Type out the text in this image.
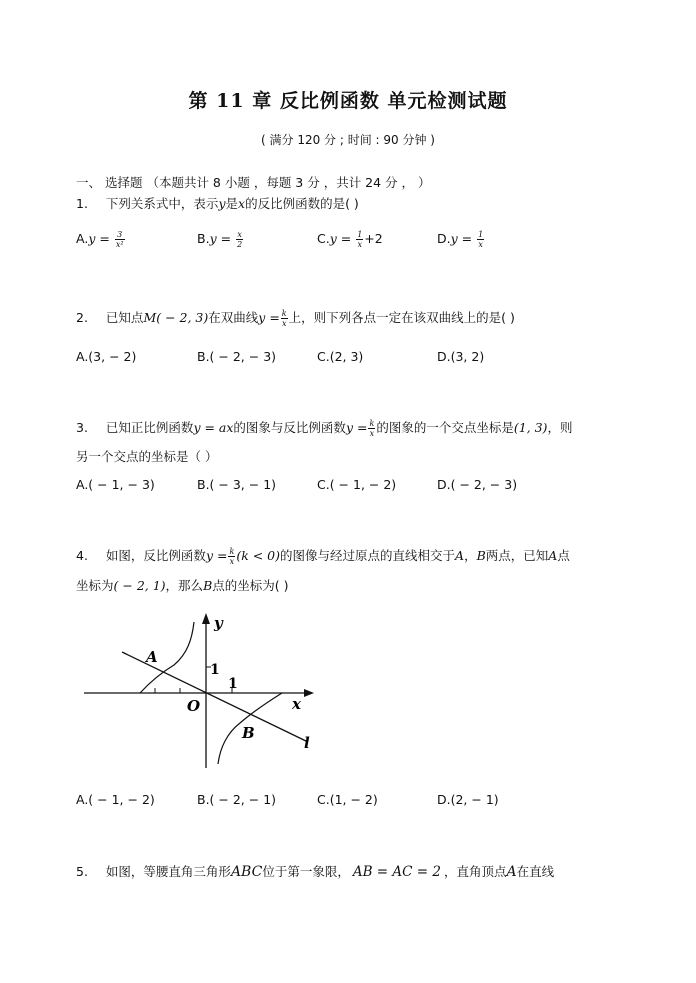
第 11 章 反比例函数 单元检测试题
( 满分 120 分 ; 时间 : 90 分钟 )
一、 选择题 （本题共计 8 小题 ，每题 3 分 ，共计 24 分 ， ）
1. 下列关系式中，表示y是x的反比例函数的是( )
$A.y = \frac{3}{\text{x²}}$	$B.y = \frac{x}{2}$	$C.y = \frac{1}{x} +2$	$D.y = \frac{1}{x}$
2. 已知点M( − 2, 3)在双曲线$y = \frac{k}{x}$ 上，则下列各点一定在该双曲线上的是( )
A.(3, − 2)	B.( − 2, − 3)	C.(2, 3)	D.(3, 2)
3. 已知正比例函数y = ax的图象与反比例函数$y = \frac{k}{x}$ 的图象的一个交点坐标是(1, 3)，则
另一个交点的坐标是（ ）
A.( − 1, − 3)	B.( − 3, − 1)	C.( − 1, − 2)	D.( − 2, − 3)
4. 如图，反比例函数$y = \frac{k}{x} (k < 0)$的图像与经过原点的直线相交于A，B两点，已知A点
坐标为( − 2, 1)，那么B点的坐标为( )
y
x
O
1
1
A
B
l
A.( − 1, − 2)	B.( − 2, − 1)	C.(1, − 2)	D.(2, − 1)
5. 如图，等腰直角三角形ABC位于第一象限， AB = AC = 2 ，直角顶点A在直线
